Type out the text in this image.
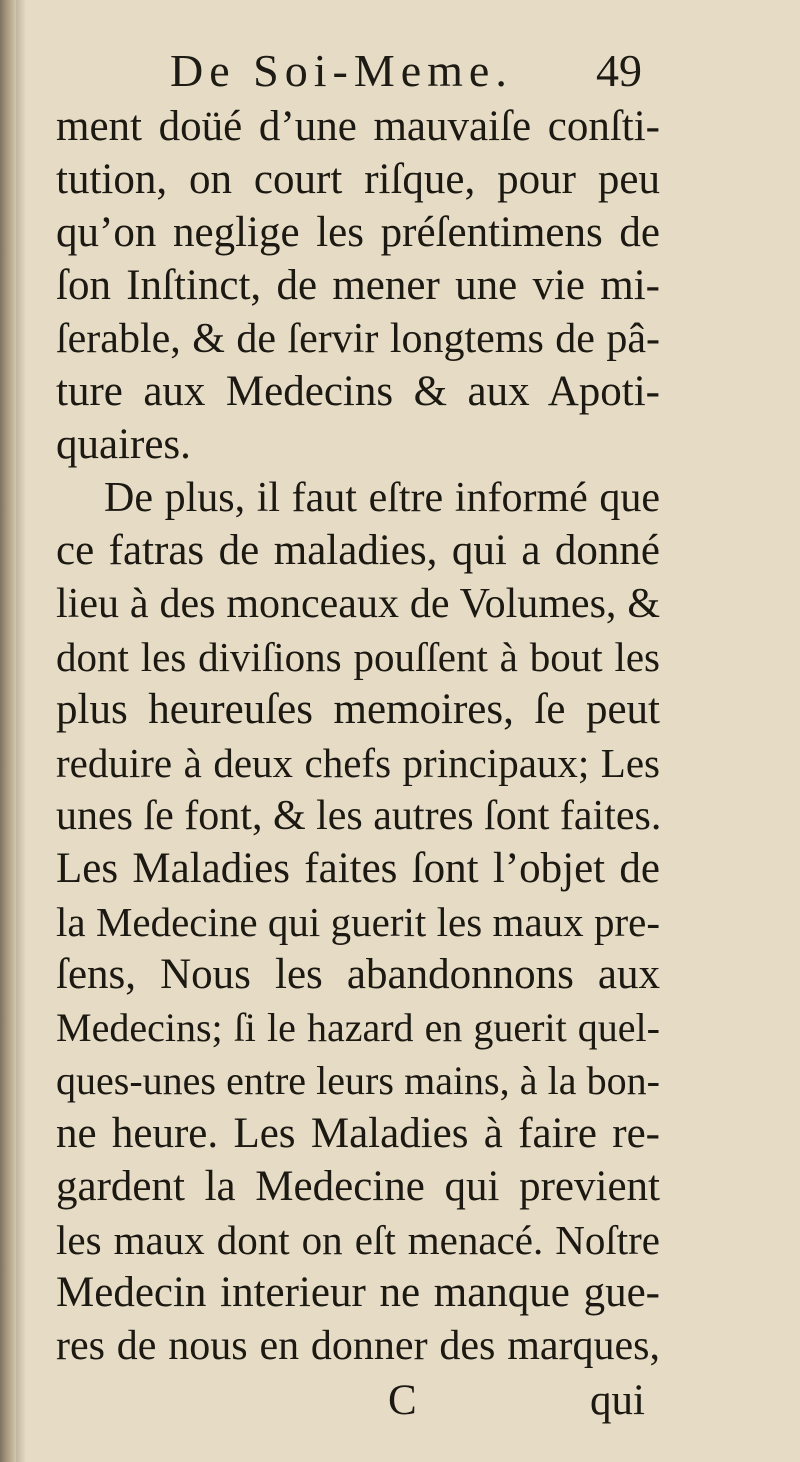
De Soi-Meme.	49
ment doüé d’une mauvaiſe conſti-
tution, on court riſque, pour peu
qu’on neglige les préſentimens de
ſon Inſtinct, de mener une vie mi-
ſerable, & de ſervir longtems de pâ-
ture aux Medecins & aux Apoti-
quaires.
De plus, il faut eſtre informé que
ce fatras de maladies, qui a donné
lieu à des monceaux de Volumes, &
dont les diviſions pouſſent à bout les
plus heureuſes memoires, ſe peut
reduire à deux chefs principaux; Les
unes ſe font, & les autres ſont faites.
Les Maladies faites ſont l’objet de
la Medecine qui guerit les maux pre-
ſens, Nous les abandonnons aux
Medecins; ſi le hazard en guerit quel-
ques-unes entre leurs mains, à la bon-
ne heure. Les Maladies à faire re-
gardent la Medecine qui previent
les maux dont on eſt menacé. Noſtre
Medecin interieur ne manque gue-
res de nous en donner des marques,
C	qui
